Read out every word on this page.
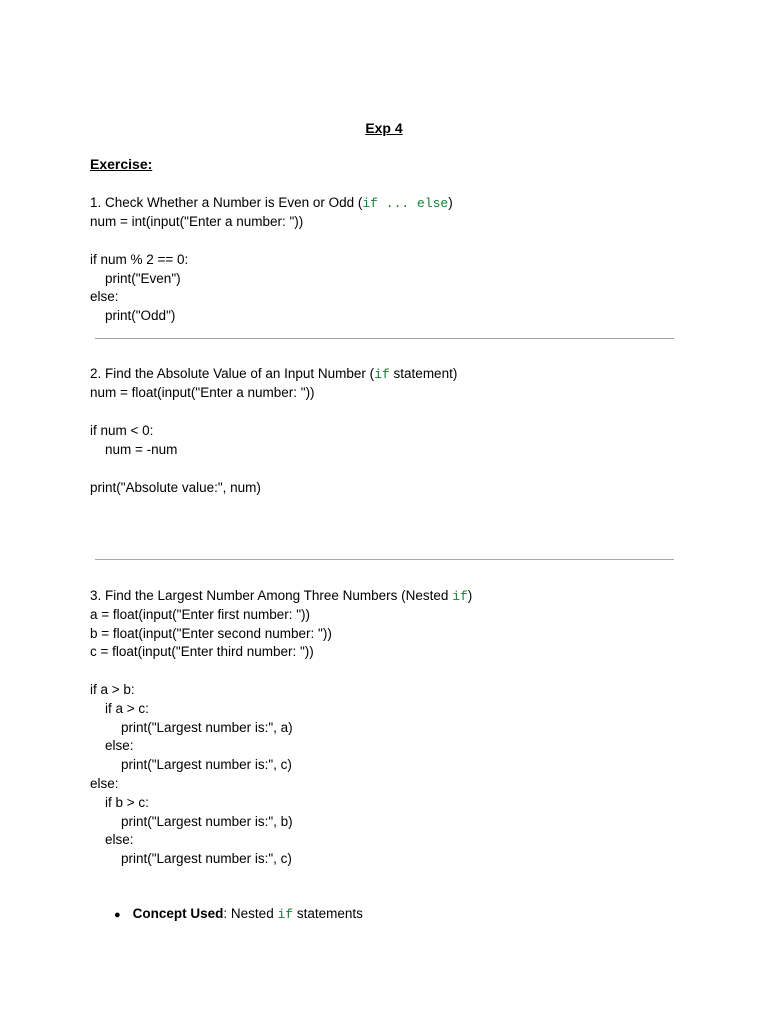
Exp 4
Exercise:
1. Check Whether a Number is Even or Odd (if ... else)
num = int(input("Enter a number: "))
if num % 2 == 0:
print("Even")
else:
print("Odd")
2. Find the Absolute Value of an Input Number (if statement)
num = float(input("Enter a number: "))
if num < 0:
num = -num
print("Absolute value:", num)
3. Find the Largest Number Among Three Numbers (Nested if)
a = float(input("Enter first number: "))
b = float(input("Enter second number: "))
c = float(input("Enter third number: "))
if a > b:
if a > c:
print("Largest number is:", a)
else:
print("Largest number is:", c)
else:
if b > c:
print("Largest number is:", b)
else:
print("Largest number is:", c)
● Concept Used: Nested if statements
